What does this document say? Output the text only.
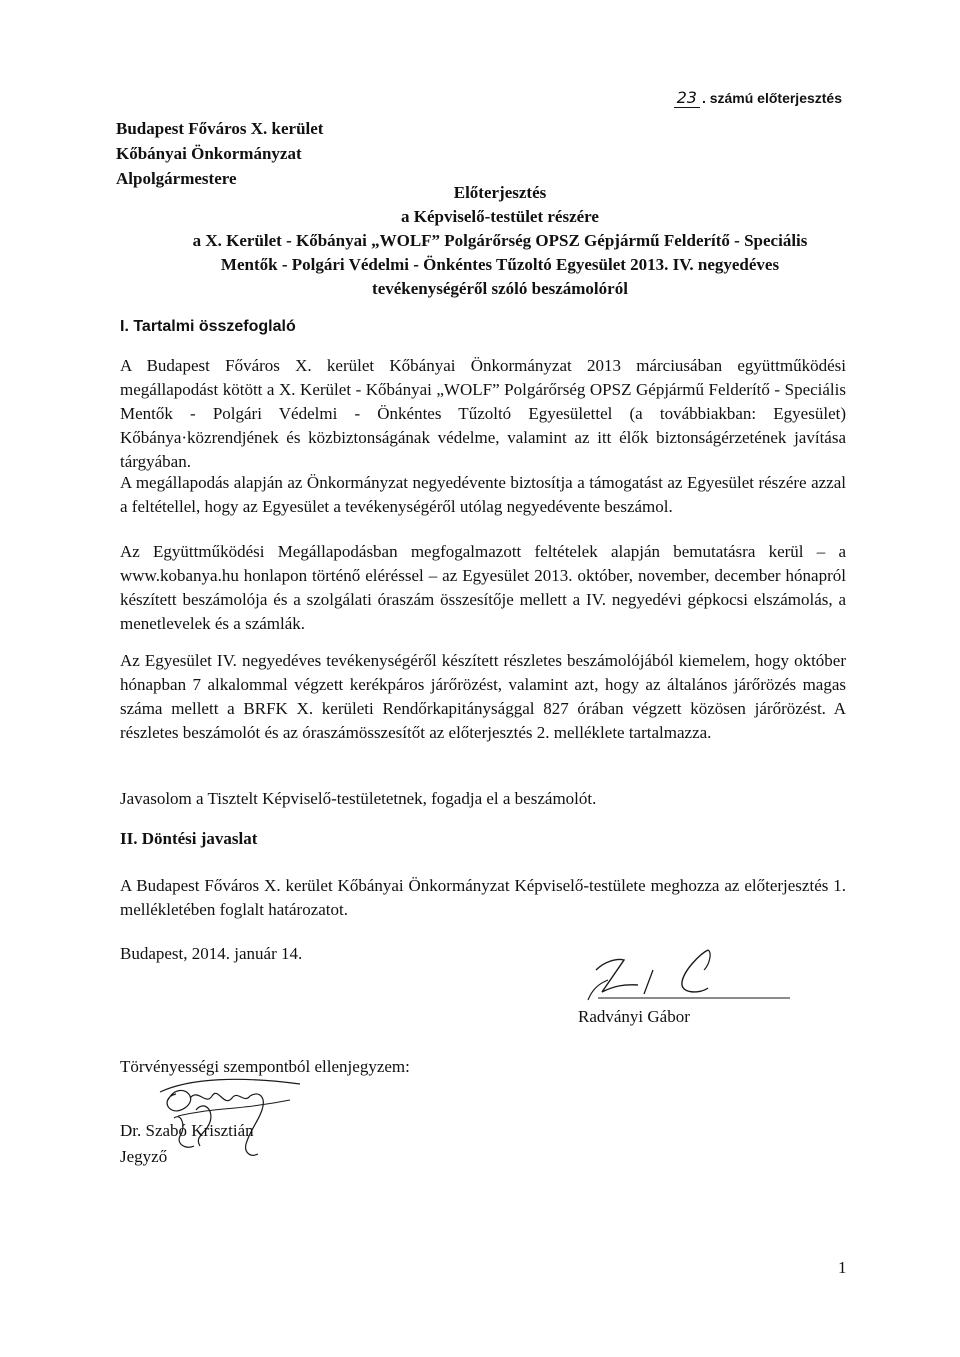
23 . számú előterjesztés
Budapest Főváros X. kerület
Kőbányai Önkormányzat
Alpolgármestere
Előterjesztés
a Képviselő-testület részére
a X. Kerület - Kőbányai „WOLF” Polgárőrség OPSZ Gépjármű Felderítő - Speciális
Mentők - Polgári Védelmi - Önkéntes Tűzoltó Egyesület 2013. IV. negyedéves
tevékenységéről szóló beszámolóról
I. Tartalmi összefoglaló
A Budapest Főváros X. kerület Kőbányai Önkormányzat 2013 márciusában együttműködési megállapodást kötött a X. Kerület - Kőbányai „WOLF” Polgárőrség OPSZ Gépjármű Felderítő - Speciális Mentők - Polgári Védelmi - Önkéntes Tűzoltó Egyesülettel (a továbbiakban: Egyesület) Kőbánya·közrendjének és közbiztonságának védelme, valamint az itt élők biztonságérzetének javítása tárgyában.
A megállapodás alapján az Önkormányzat negyedévente biztosítja a támogatást az Egyesület részére azzal a feltétellel, hogy az Egyesület a tevékenységéről utólag negyedévente beszámol.
Az Együttműködési Megállapodásban megfogalmazott feltételek alapján bemutatásra kerül – a www.kobanya.hu honlapon történő eléréssel – az Egyesület 2013. október, november, december hónapról készített beszámolója és a szolgálati óraszám összesítője mellett a IV. negyedévi gépkocsi elszámolás, a menetlevelek és a számlák.
Az Egyesület IV. negyedéves tevékenységéről készített részletes beszámolójából kiemelem, hogy október hónapban 7 alkalommal végzett kerékpáros járőrözést, valamint azt, hogy az általános járőrözés magas száma mellett a BRFK X. kerületi Rendőrkapitánysággal 827 órában végzett közösen járőrözést. A részletes beszámolót és az óraszámösszesítőt az előterjesztés 2. melléklete tartalmazza.
Javasolom a Tisztelt Képviselő-testületetnek, fogadja el a beszámolót.
II. Döntési javaslat
A Budapest Főváros X. kerület Kőbányai Önkormányzat Képviselő-testülete meghozza az előterjesztés 1. mellékletében foglalt határozatot.
Budapest, 2014. január 14.
Radványi Gábor
Törvényességi szempontból ellenjegyzem:
Dr. Szabó Krisztián
Jegyző
1
